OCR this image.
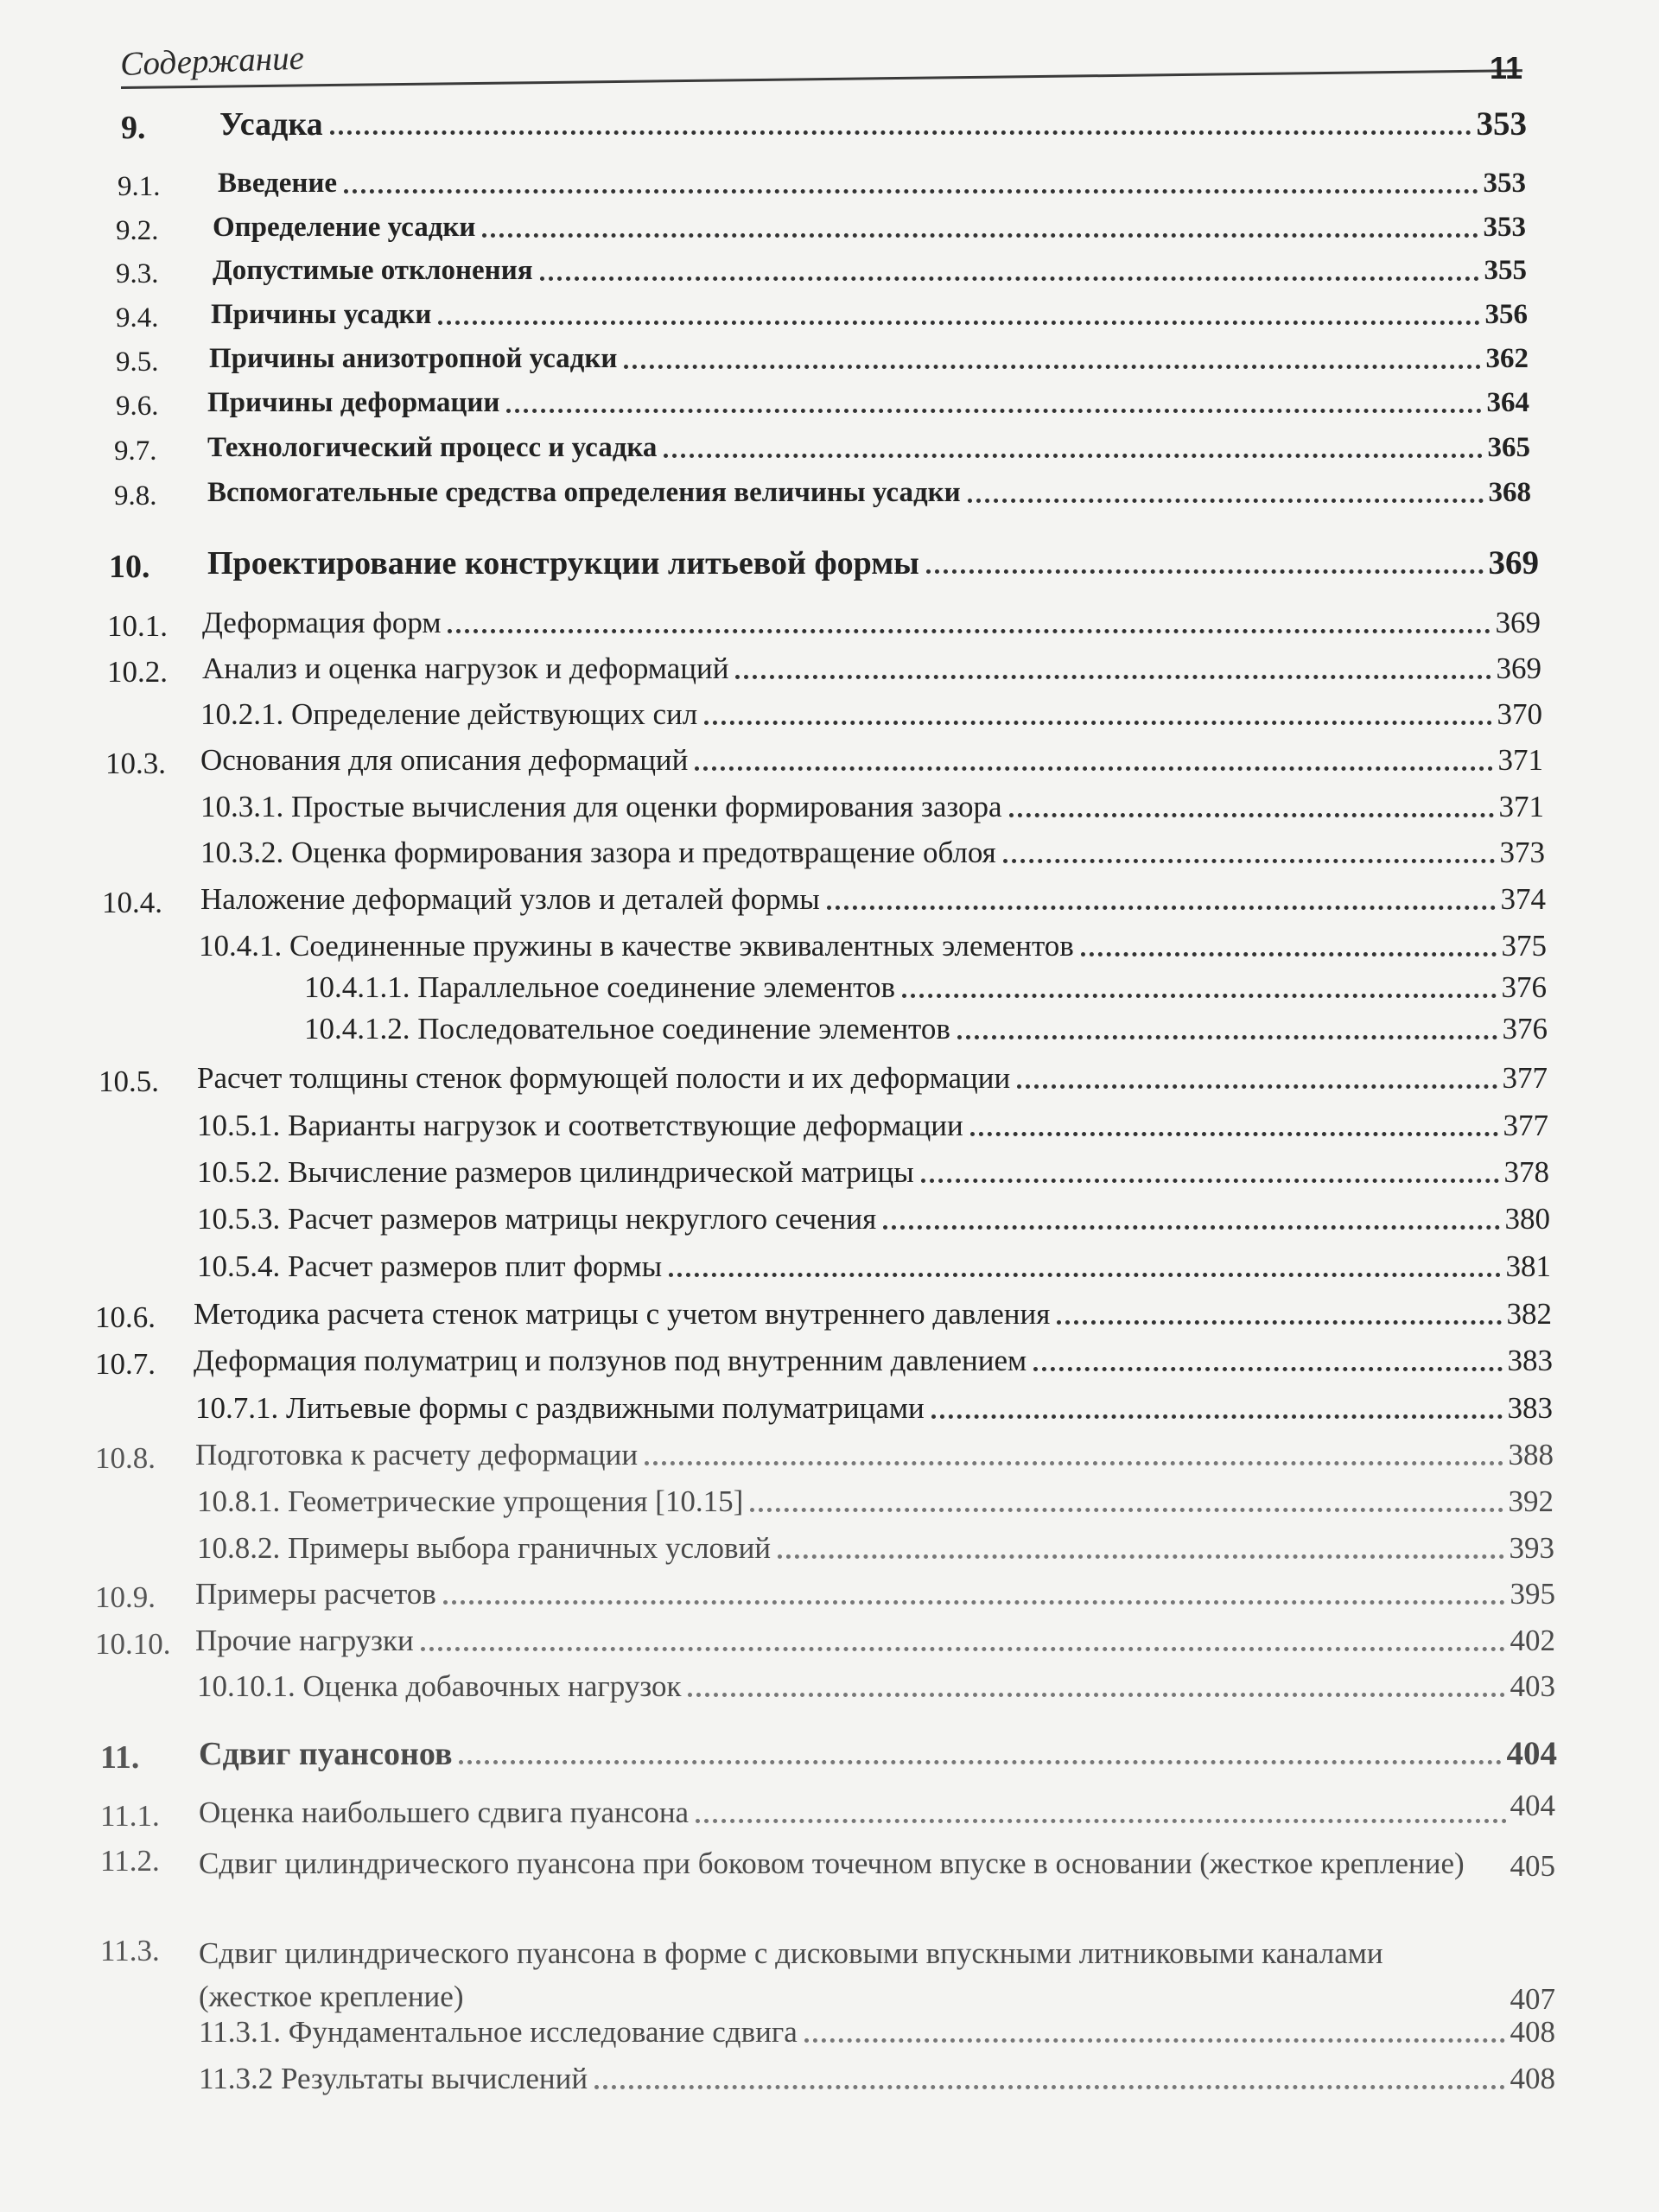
Содержание	11
9. Усадка	353
9.1. Введение	353
9.2. Определение усадки	353
9.3. Допустимые отклонения	355
9.4. Причины усадки	356
9.5. Причины анизотропной усадки	362
9.6. Причины деформации	364
9.7. Технологический процесс и усадка	365
9.8. Вспомогательные средства определения величины усадки	368
10. Проектирование конструкции литьевой формы	369
10.1. Деформация форм	369
10.2. Анализ и оценка нагрузок и деформаций	369
10.2.1. Определение действующих сил	370
10.3. Основания для описания деформаций	371
10.3.1. Простые вычисления для оценки формирования зазора	371
10.3.2. Оценка формирования зазора и предотвращение облоя	373
10.4. Наложение деформаций узлов и деталей формы	374
10.4.1. Соединенные пружины в качестве эквивалентных элементов	375
10.4.1.1. Параллельное соединение элементов	376
10.4.1.2. Последовательное соединение элементов	376
10.5. Расчет толщины стенок формующей полости и их деформации	377
10.5.1. Варианты нагрузок и соответствующие деформации	377
10.5.2. Вычисление размеров цилиндрической матрицы	378
10.5.3. Расчет размеров матрицы некруглого сечения	380
10.5.4. Расчет размеров плит формы	381
10.6. Методика расчета стенок матрицы с учетом внутреннего давления	382
10.7. Деформация полуматриц и ползунов под внутренним давлением	383
10.7.1. Литьевые формы с раздвижными полуматрицами	383
10.8. Подготовка к расчету деформации	388
10.8.1. Геометрические упрощения [10.15]	392
10.8.2. Примеры выбора граничных условий	393
10.9. Примеры расчетов	395
10.10. Прочие нагрузки	402
10.10.1. Оценка добавочных нагрузок	403
11. Сдвиг пуансонов	404
11.1. Оценка наибольшего сдвига пуансона	404
11.2. Сдвиг цилиндрического пуансона при боковом точечном впуске в основании (жесткое крепление)	405
11.3. Сдвиг цилиндрического пуансона в форме с дисковыми впускными литниковыми каналами (жесткое крепление)	407
11.3.1. Фундаментальное исследование сдвига	408
11.3.2 Результаты вычислений	408
